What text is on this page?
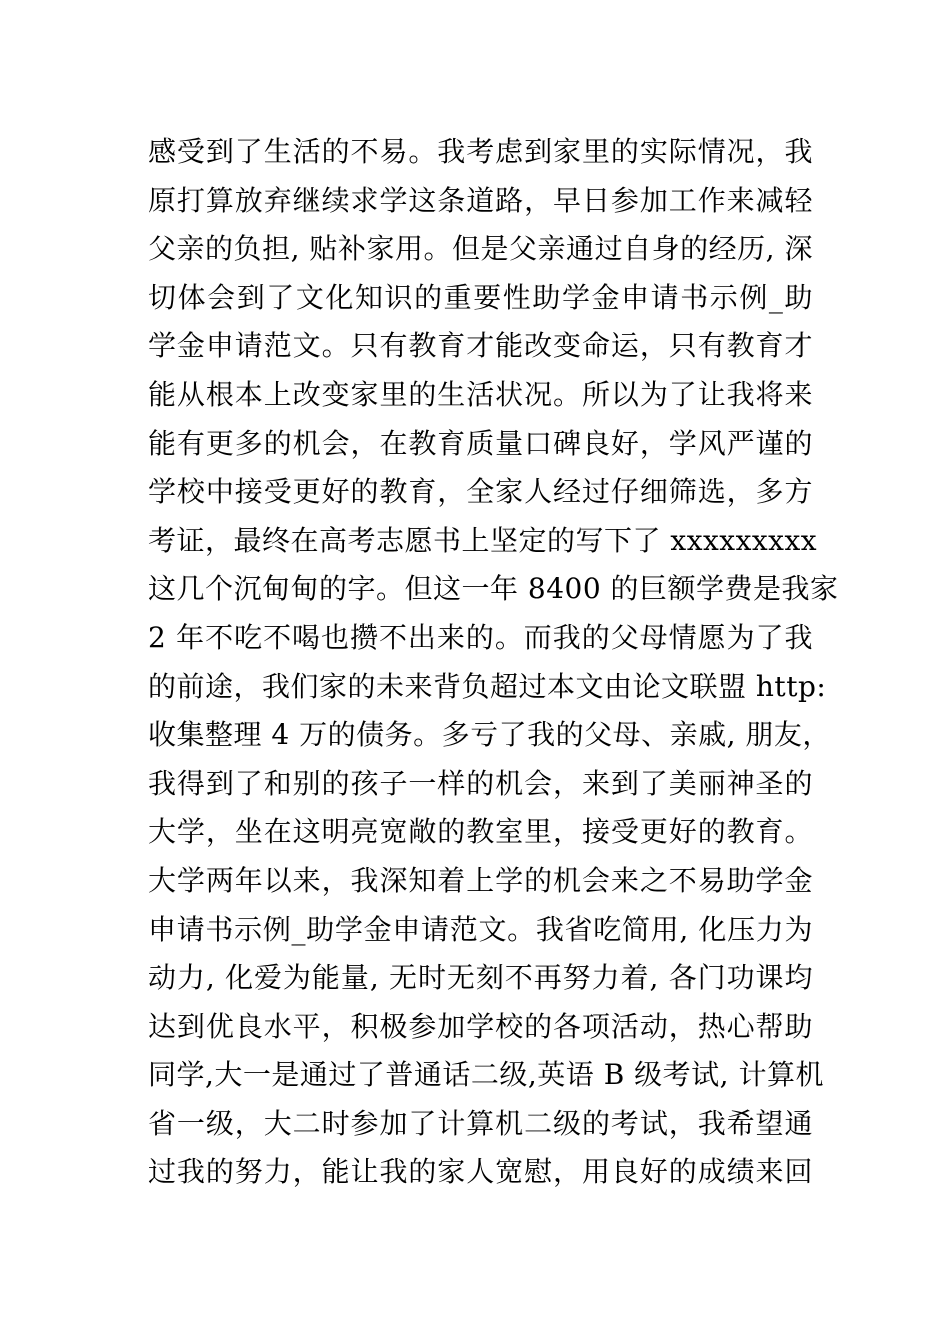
感受到了生活的不易。我考虑到家里的实际情况，我
原打算放弃继续求学这条道路，早日参加工作来减轻
父亲的负担, 贴补家用。但是父亲通过自身的经历, 深
切体会到了文化知识的重要性助学金申请书示例_助
学金申请范文。只有教育才能改变命运，只有教育才
能从根本上改变家里的生活状况。所以为了让我将来
能有更多的机会，在教育质量口碑良好，学风严谨的
学校中接受更好的教育，全家人经过仔细筛选，多方
考证，最终在高考志愿书上坚定的写下了 xxxxxxxxx
这几个沉甸甸的字。但这一年 8400 的巨额学费是我家
2 年不吃不喝也攒不出来的。而我的父母情愿为了我
的前途，我们家的未来背负超过本文由论文联盟 http:
收集整理 4 万的债务。多亏了我的父母、亲戚, 朋友，
我得到了和别的孩子一样的机会，来到了美丽神圣的
大学，坐在这明亮宽敞的教室里，接受更好的教育。
大学两年以来，我深知着上学的机会来之不易助学金
申请书示例_助学金申请范文。我省吃简用, 化压力为
动力, 化爱为能量, 无时无刻不再努力着, 各门功课均
达到优良水平，积极参加学校的各项活动，热心帮助
同学,大一是通过了普通话二级,英语 B 级考试, 计算机
省一级，大二时参加了计算机二级的考试，我希望通
过我的努力，能让我的家人宽慰，用良好的成绩来回
